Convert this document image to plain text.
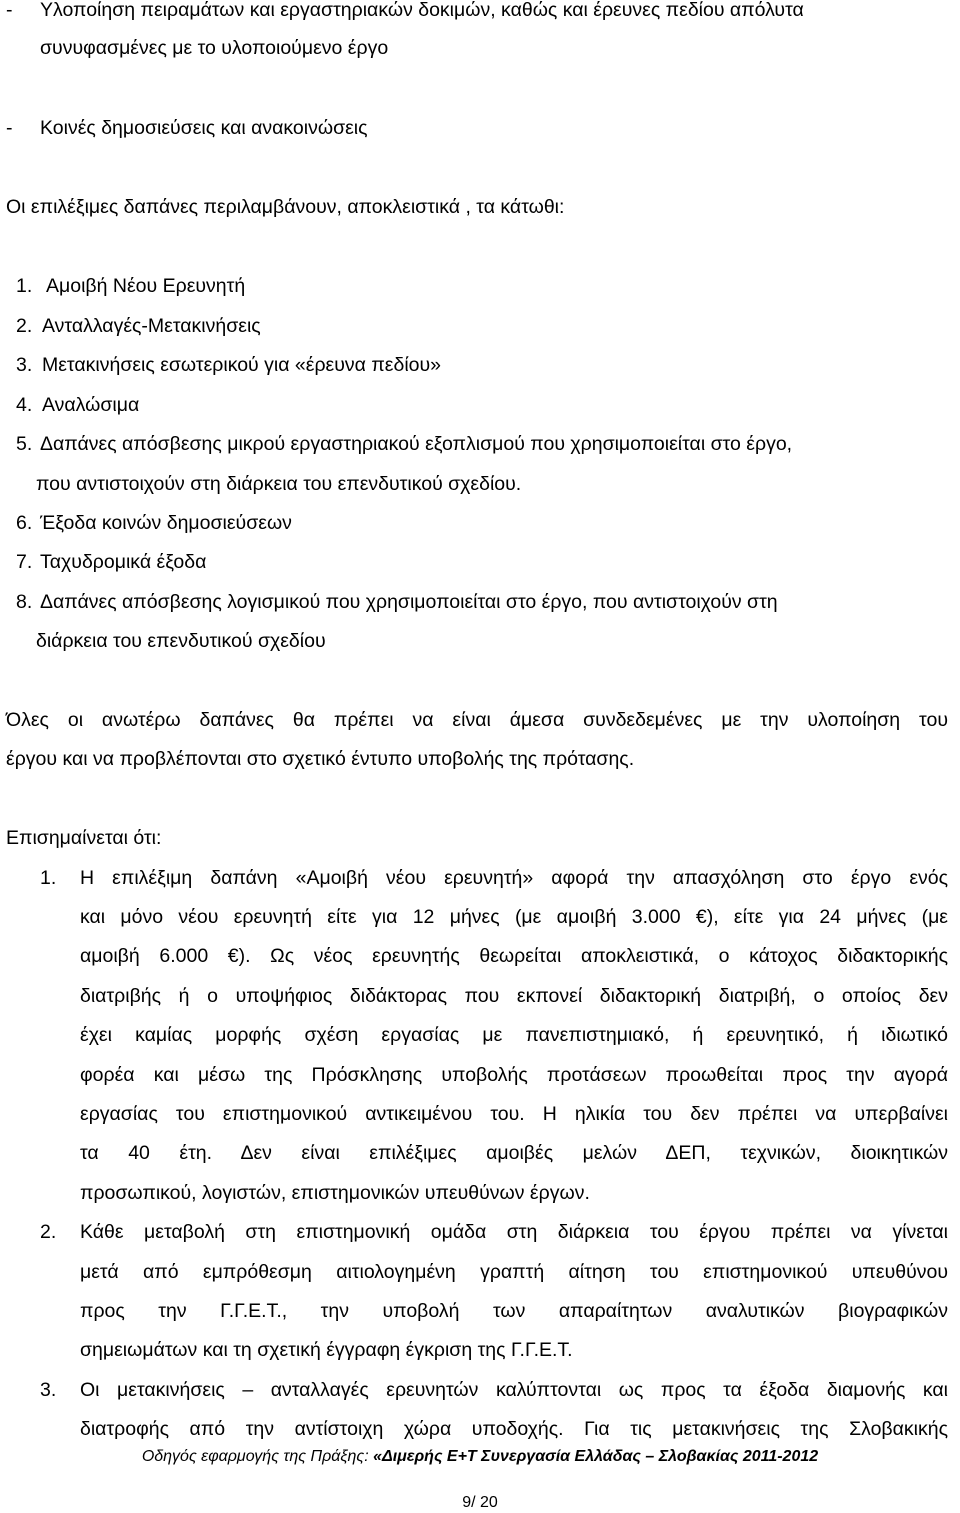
- Υλοποίηση πειραμάτων και εργαστηριακών δοκιμών, καθώς και έρευνες πεδίου απόλυτα
συνυφασμένες με το υλοποιούμενο έργο
- Κοινές δημοσιεύσεις και ανακοινώσεις
Οι επιλέξιμες δαπάνες περιλαμβάνουν, αποκλειστικά , τα κάτωθι:
1. Αμοιβή Νέου Ερευνητή
2. Ανταλλαγές-Μετακινήσεις
3. Μετακινήσεις εσωτερικού για «έρευνα πεδίου»
4. Αναλώσιμα
5. Δαπάνες απόσβεσης μικρού εργαστηριακού εξοπλισμού που χρησιμοποιείται στο έργο,
που αντιστοιχούν στη διάρκεια του επενδυτικού σχεδίου.
6. Έξοδα κοινών δημοσιεύσεων
7. Ταχυδρομικά έξοδα
8. Δαπάνες απόσβεσης λογισμικού που χρησιμοποιείται στο έργο, που αντιστοιχούν στη
διάρκεια του επενδυτικού σχεδίου
Όλες οι ανωτέρω δαπάνες θα πρέπει να είναι άμεσα συνδεδεμένες με την υλοποίηση του
έργου και να προβλέπονται στο σχετικό έντυπο υποβολής της πρότασης.
Επισημαίνεται ότι:
1. Η επιλέξιμη δαπάνη «Αμοιβή νέου ερευνητή» αφορά την απασχόληση στο έργο ενός
και μόνο νέου ερευνητή είτε για 12 μήνες (με αμοιβή 3.000 €), είτε για 24 μήνες (με
αμοιβή 6.000 €). Ως νέος ερευνητής θεωρείται αποκλειστικά, ο κάτοχος διδακτορικής
διατριβής ή ο υποψήφιος διδάκτορας που εκπονεί διδακτορική διατριβή, ο οποίος δεν
έχει καμίας μορφής σχέση εργασίας με πανεπιστημιακό, ή ερευνητικό, ή ιδιωτικό
φορέα και μέσω της Πρόσκλησης υποβολής προτάσεων προωθείται προς την αγορά
εργασίας του επιστημονικού αντικειμένου του. Η ηλικία του δεν πρέπει να υπερβαίνει
τα 40 έτη. Δεν είναι επιλέξιμες αμοιβές μελών ΔΕΠ, τεχνικών, διοικητικών
προσωπικού, λογιστών, επιστημονικών υπευθύνων έργων.
2. Κάθε μεταβολή στη επιστημονική ομάδα στη διάρκεια του έργου πρέπει να γίνεται
μετά από εμπρόθεσμη αιτιολογημένη γραπτή αίτηση του επιστημονικού υπευθύνου
προς την Γ.Γ.Ε.Τ., την υποβολή των απαραίτητων αναλυτικών βιογραφικών
σημειωμάτων και τη σχετική έγγραφη έγκριση της Γ.Γ.Ε.Τ.
3. Οι μετακινήσεις – ανταλλαγές ερευνητών καλύπτονται ως προς τα έξοδα διαμονής και
διατροφής από την αντίστοιχη χώρα υποδοχής. Για τις μετακινήσεις της Σλοβακικής
Οδηγός εφαρμογής της Πράξης: «Διμερής Ε+Τ Συνεργασία Ελλάδας – Σλοβακίας 2011-2012
9/ 20
